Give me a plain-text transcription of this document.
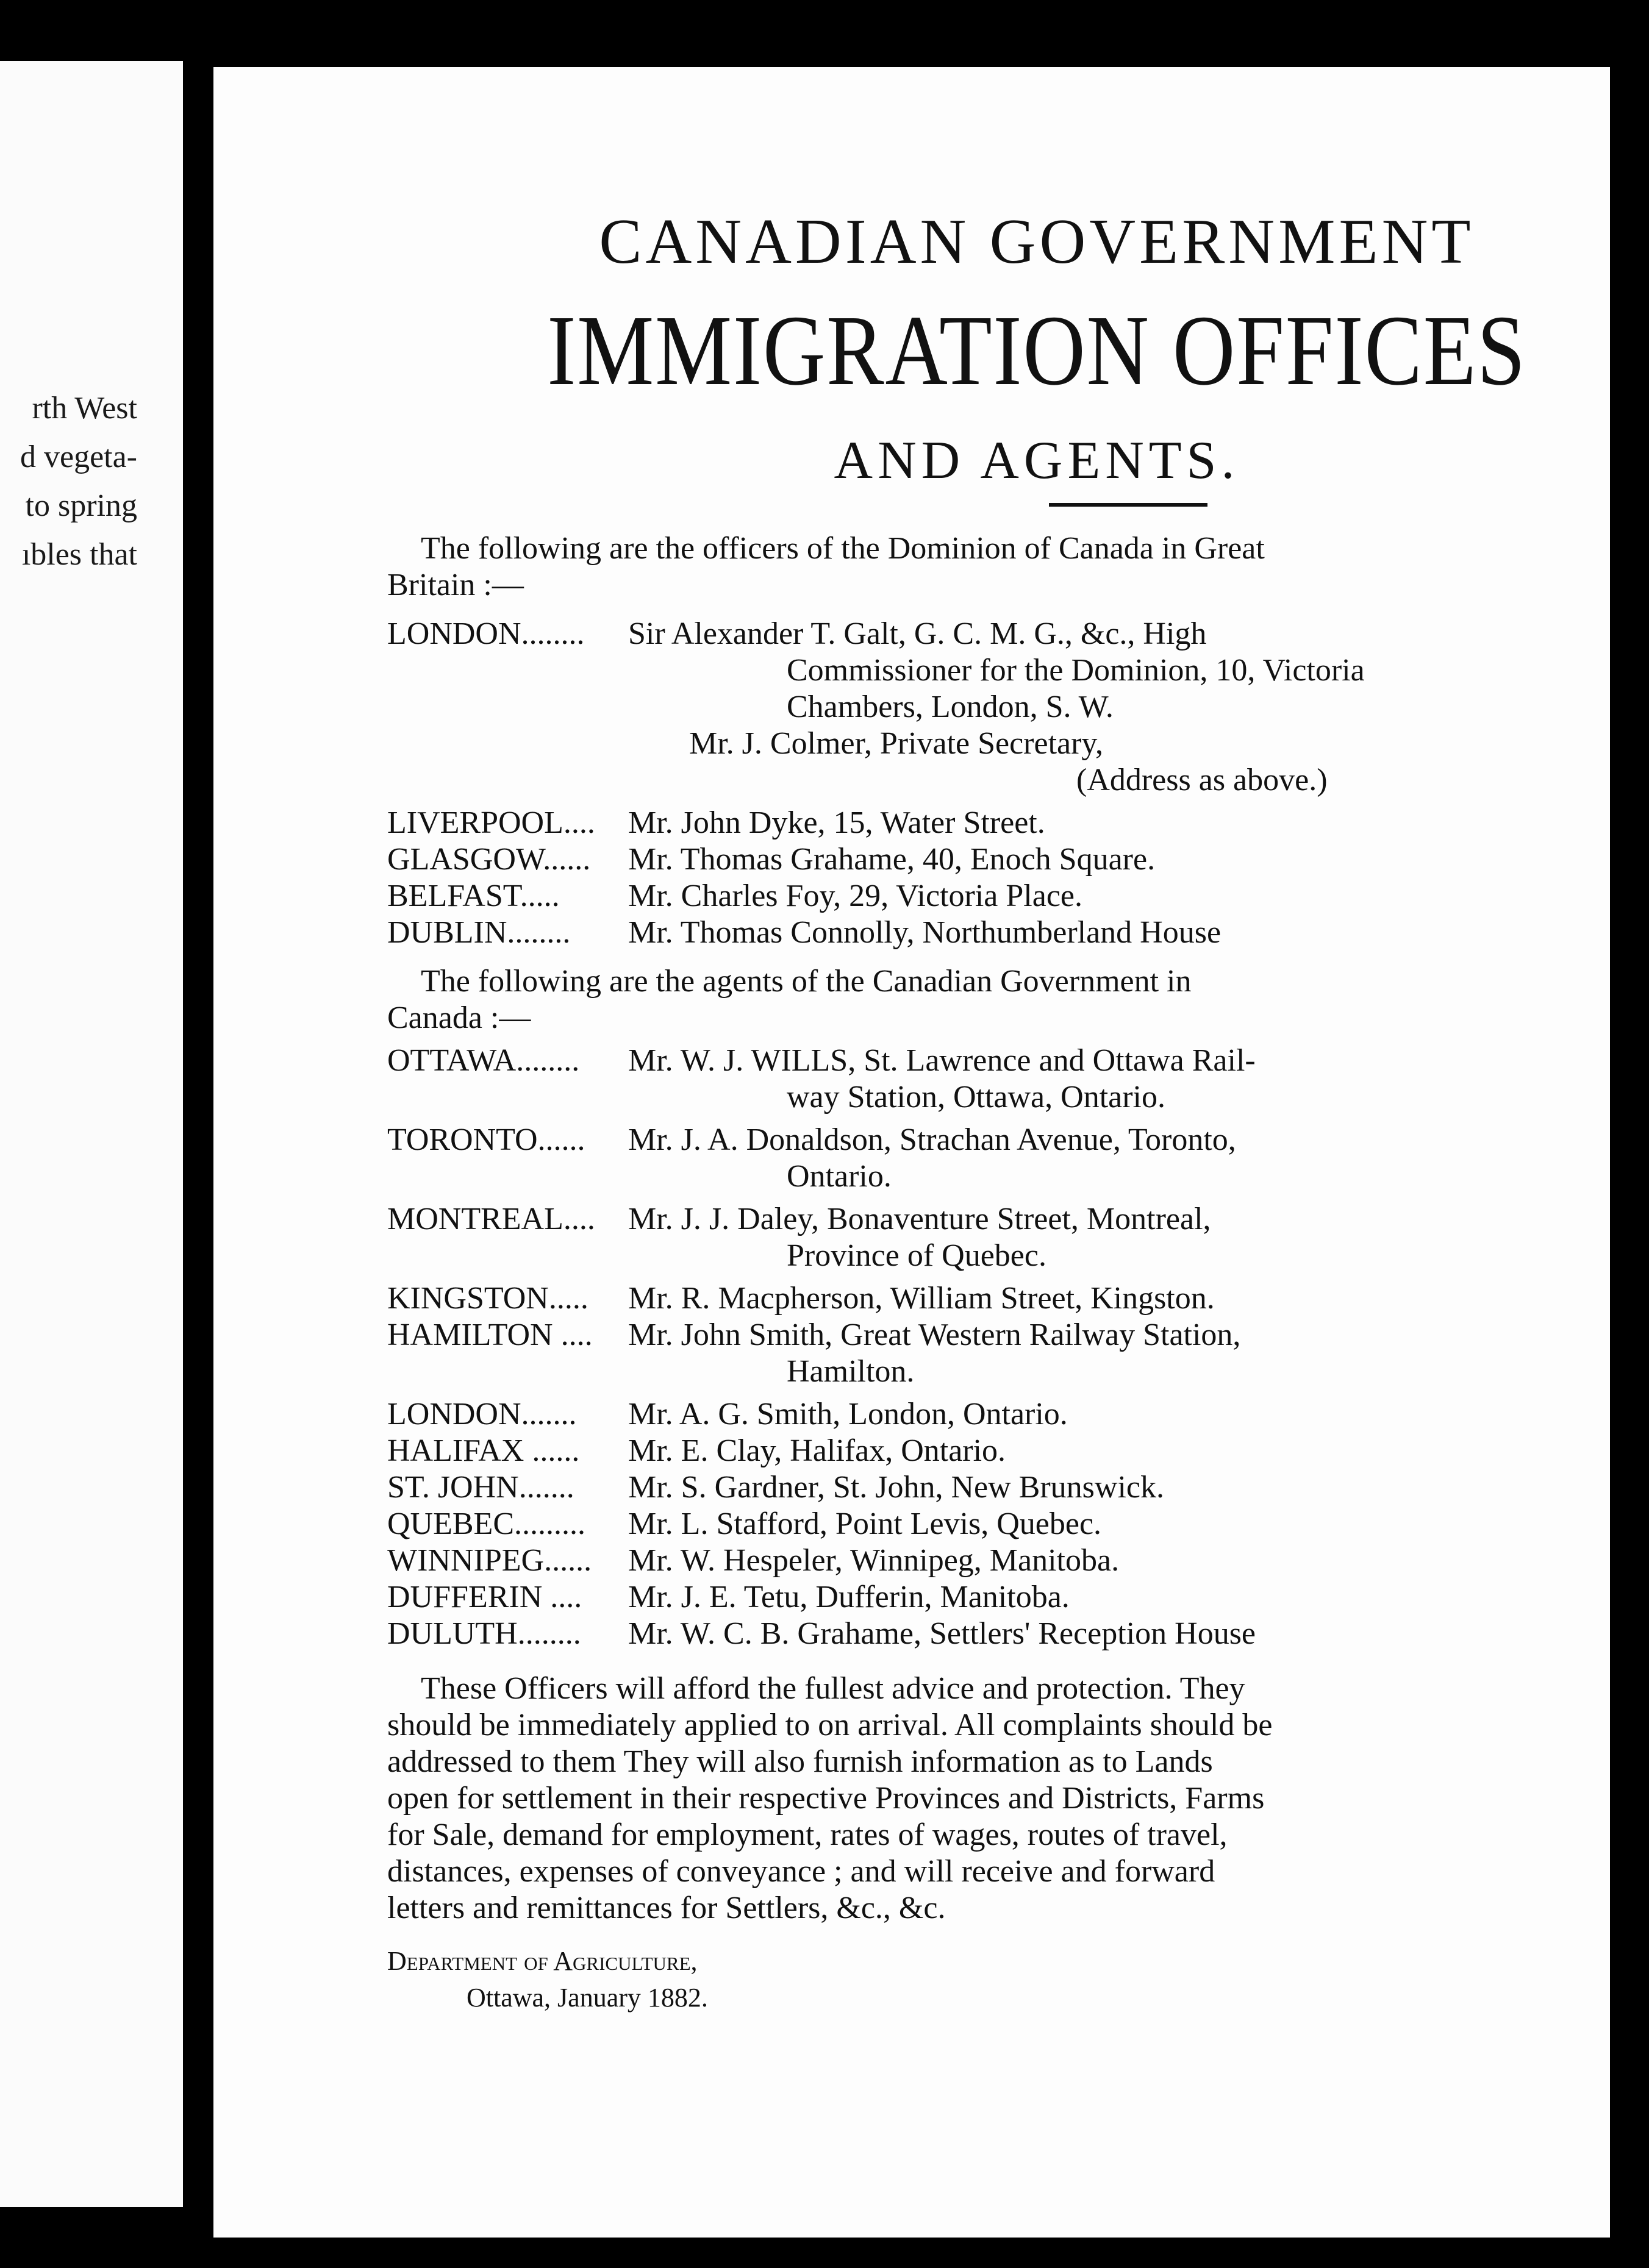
rth West
d vegeta-
to spring
ıbles that
CANADIAN GOVERNMENT
IMMIGRATION OFFICES
AND AGENTS.
The following are the officers of the Dominion of Canada in Great
Britain :—
LONDON........ Sir Alexander T. Galt, G. C. M. G., &c., High
Commissioner for the Dominion, 10, Victoria
Chambers, London, S. W.
Mr. J. Colmer, Private Secretary,
(Address as above.)
LIVERPOOL.... Mr. John Dyke, 15, Water Street.
GLASGOW...... Mr. Thomas Grahame, 40, Enoch Square.
BELFAST..... Mr. Charles Foy, 29, Victoria Place.
DUBLIN........ Mr. Thomas Connolly, Northumberland House
The following are the agents of the Canadian Government in
Canada :—
OTTAWA........ Mr. W. J. WILLS, St. Lawrence and Ottawa Rail-
way Station, Ottawa, Ontario.
TORONTO...... Mr. J. A. Donaldson, Strachan Avenue, Toronto,
Ontario.
MONTREAL.... Mr. J. J. Daley, Bonaventure Street, Montreal,
Province of Quebec.
KINGSTON..... Mr. R. Macpherson, William Street, Kingston.
HAMILTON .... Mr. John Smith, Great Western Railway Station,
Hamilton.
LONDON....... Mr. A. G. Smith, London, Ontario.
HALIFAX ...... Mr. E. Clay, Halifax, Ontario.
ST. JOHN....... Mr. S. Gardner, St. John, New Brunswick.
QUEBEC......... Mr. L. Stafford, Point Levis, Quebec.
WINNIPEG...... Mr. W. Hespeler, Winnipeg, Manitoba.
DUFFERIN .... Mr. J. E. Tetu, Dufferin, Manitoba.
DULUTH........ Mr. W. C. B. Grahame, Settlers' Reception House
These Officers will afford the fullest advice and protection. They
should be immediately applied to on arrival. All complaints should be
addressed to them They will also furnish information as to Lands
open for settlement in their respective Provinces and Districts, Farms
for Sale, demand for employment, rates of wages, routes of travel,
distances, expenses of conveyance ; and will receive and forward
letters and remittances for Settlers, &c., &c.
Department of Agriculture,
Ottawa, January 1882.
